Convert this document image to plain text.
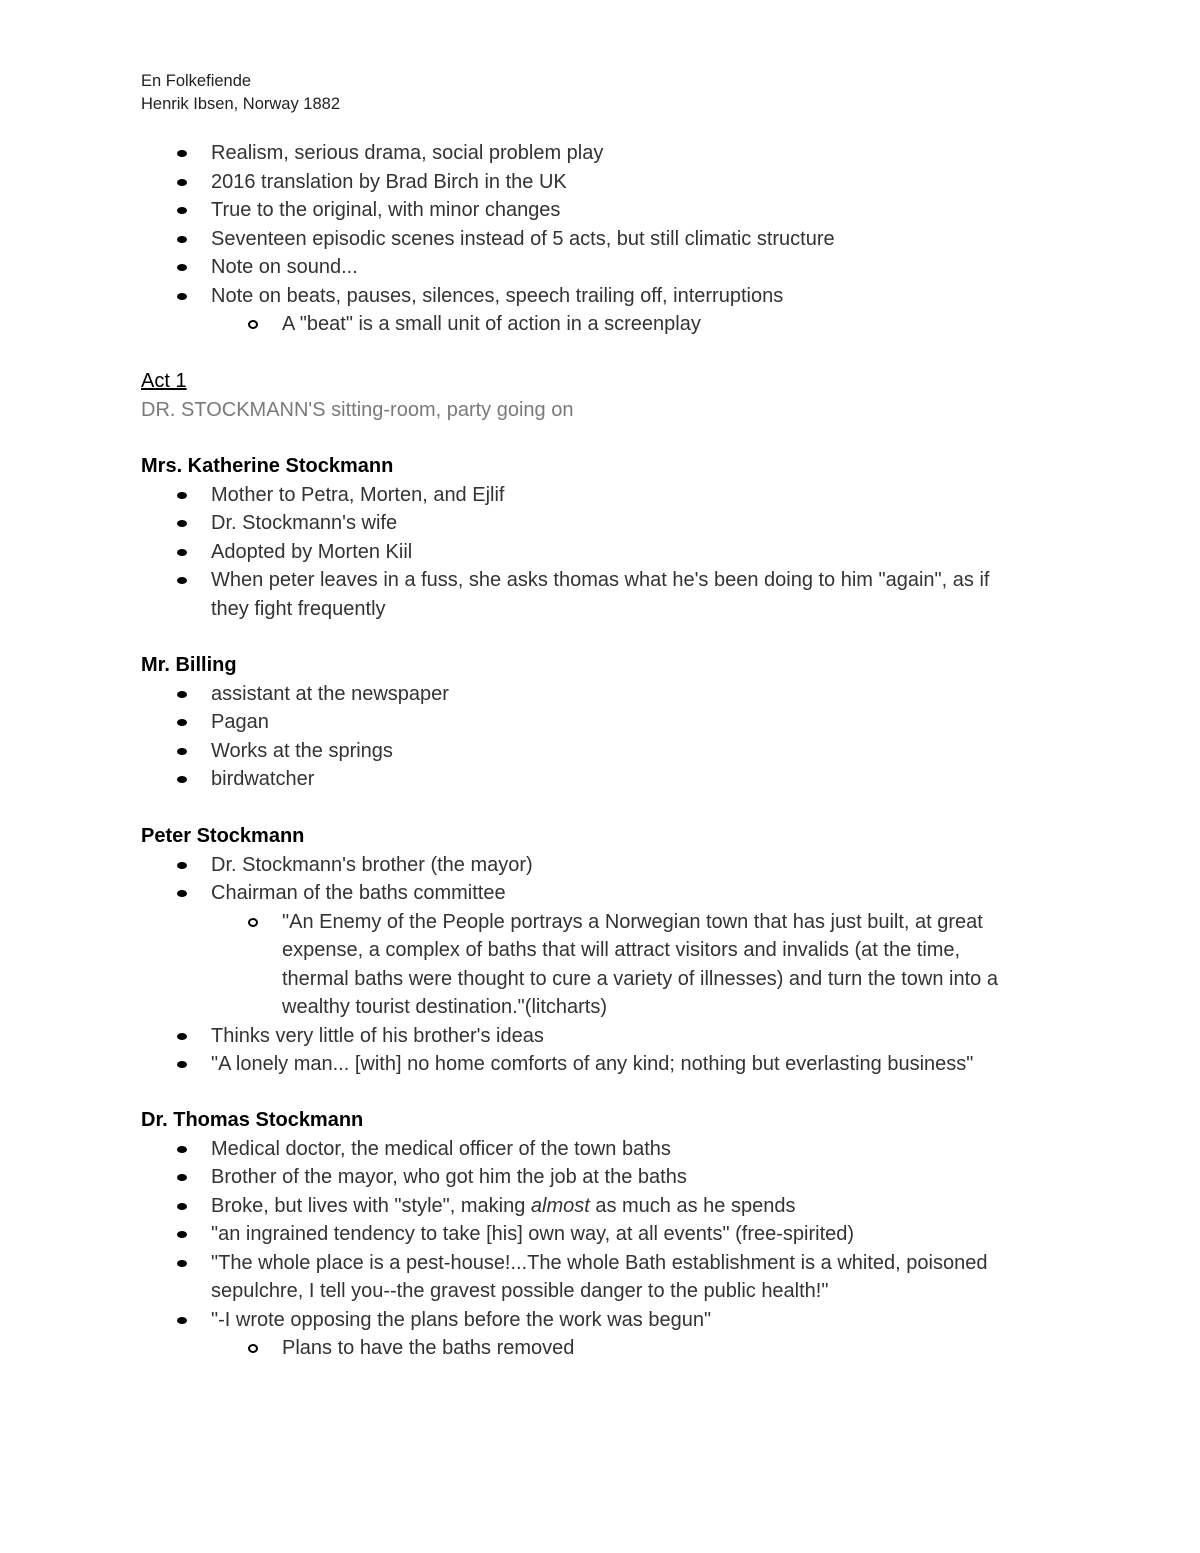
En Folkefiende
Henrik Ibsen, Norway 1882
Realism, serious drama, social problem play
2016 translation by Brad Birch in the UK
True to the original, with minor changes
Seventeen episodic scenes instead of 5 acts, but still climatic structure
Note on sound...
Note on beats, pauses, silences, speech trailing off, interruptions
A "beat" is a small unit of action in a screenplay
Act 1
DR. STOCKMANN'S sitting-room, party going on
Mrs. Katherine Stockmann
Mother to Petra, Morten, and Ejlif
Dr. Stockmann's wife
Adopted by Morten Kiil
When peter leaves in a fuss, she asks thomas what he's been doing to him "again", as if
they fight frequently
Mr. Billing
assistant at the newspaper
Pagan
Works at the springs
birdwatcher
Peter Stockmann
Dr. Stockmann's brother (the mayor)
Chairman of the baths committee
"An Enemy of the People portrays a Norwegian town that has just built, at great
expense, a complex of baths that will attract visitors and invalids (at the time,
thermal baths were thought to cure a variety of illnesses) and turn the town into a
wealthy tourist destination."(litcharts)
Thinks very little of his brother's ideas
"A lonely man... [with] no home comforts of any kind; nothing but everlasting business"
Dr. Thomas Stockmann
Medical doctor, the medical officer of the town baths
Brother of the mayor, who got him the job at the baths
Broke, but lives with "style", making almost as much as he spends
"an ingrained tendency to take [his] own way, at all events" (free-spirited)
"The whole place is a pest-house!...The whole Bath establishment is a whited, poisoned
sepulchre, I tell you--the gravest possible danger to the public health!"
"-I wrote opposing the plans before the work was begun"
Plans to have the baths removed
